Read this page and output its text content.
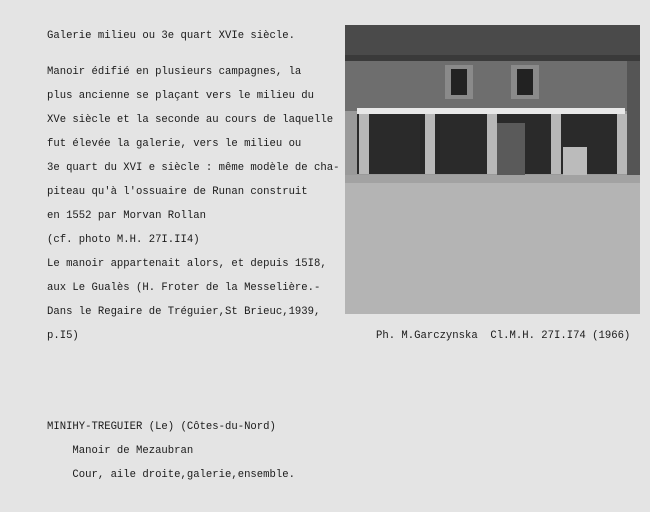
Galerie milieu ou 3e quart XVIe siècle.

Manoir édifié en plusieurs campagnes, la

plus ancienne se plaçant vers le milieu du

XVe siècle et la seconde au cours de laquelle

fut élevée la galerie, vers le milieu ou

3e quart du XVI e siècle : même modèle de cha-

piteau qu'à l'ossuaire de Runan construit

en 1552 par Morvan Rollan

(cf. photo M.H. 27I.II4)

Le manoir appartenait alors, et depuis 15I8,

aux Le Gualès (H. Froter de la Messelière.-

Dans le Regaire de Tréguier,St Brieuc,1939,

p.I5)	Ph. M.Garczynska  Cl.M.H. 27I.I74 (1966)

MINIHY-TREGUIER (Le) (Côtes-du-Nord)

Manoir de Mezaubran

Cour, aile droite,galerie,ensemble.
